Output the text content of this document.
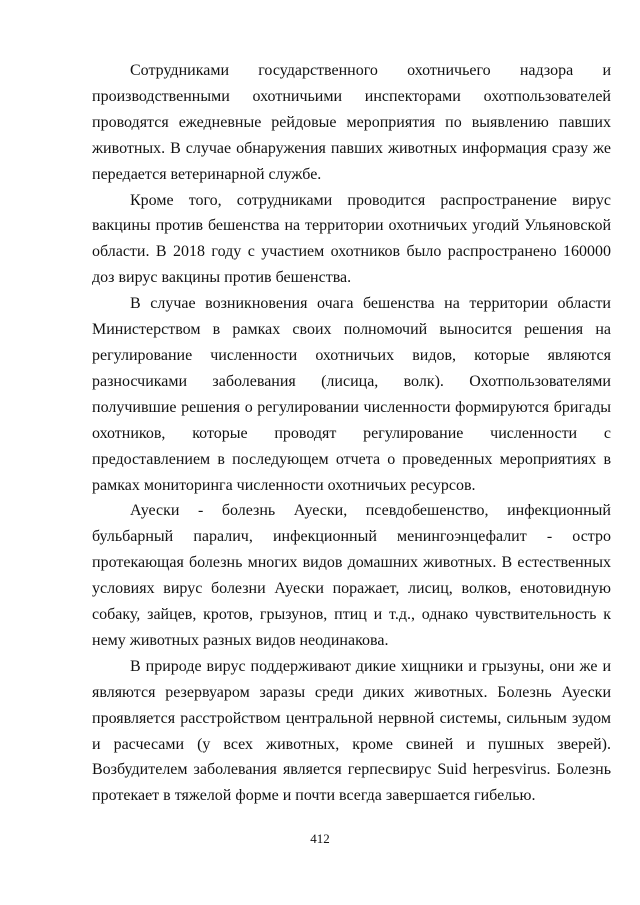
Сотрудниками государственного охотничьего надзора и производственными охотничьими инспекторами охотпользователей проводятся ежедневные рейдовые мероприятия по выявлению павших животных. В случае обнаружения павших животных информация сразу же передается ветеринарной службе.

Кроме того, сотрудниками проводится распространение вирус вакцины против бешенства на территории охотничьих угодий Ульяновской области. В 2018 году с участием охотников было распространено 160000 доз вирус вакцины против бешенства.

В случае возникновения очага бешенства на территории области Министерством в рамках своих полномочий выносится решения на регулирование численности охотничьих видов, которые являются разносчиками заболевания (лисица, волк). Охотпользователями получившие решения о регулировании численности формируются бригады охотников, которые проводят регулирование численности с предоставлением в последующем отчета о проведенных мероприятиях в рамках мониторинга численности охотничьих ресурсов.

Ауески - болезнь Ауески, псевдобешенство, инфекционный бульбарный паралич, инфекционный менингоэнцефалит - остро протекающая болезнь многих видов домашних животных. В естественных условиях вирус болезни Ауески поражает, лисиц, волков, енотовидную собаку, зайцев, кротов, грызунов, птиц и т.д., однако чувствительность к нему животных разных видов неодинакова.

В природе вирус поддерживают дикие хищники и грызуны, они же и являются резервуаром заразы среди диких животных. Болезнь Ауески проявляется расстройством центральной нервной системы, сильным зудом и расчесами (у всех животных, кроме свиней и пушных зверей). Возбудителем заболевания является герпесвирус Suid herpesvirus. Болезнь протекает в тяжелой форме и почти всегда завершается гибелью.

412
